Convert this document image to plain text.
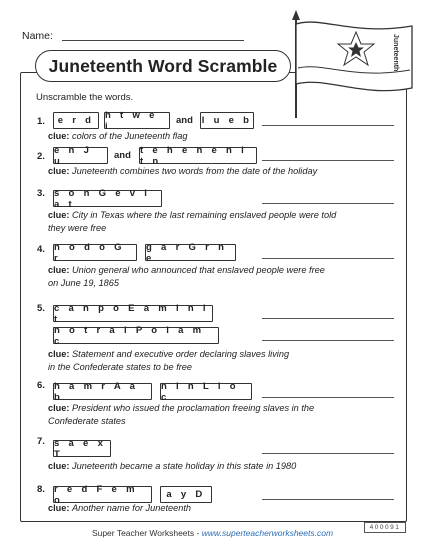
Name:	Juneteenth
Juneteenth Word Scramble
Unscramble the words.
1.	e r d	h t w e i	and l u e b
clue: colors of the Juneteenth flag
2.
e n J u	and t e h e n e n i t n
clue: Juneteenth combines two words from the date of the holiday
3. s o n G e v l a t
clue: City in Texas where the last remaining enslaved people were told
they were free
4. n o d o G r
g a r G r n e
clue: Union general who announced that enslaved people were free
on June 19, 1865
5. c a n p o E a m i n i t
n o t r a i P o l a m c
clue: Statement and executive order declaring slaves living
in the Confederate states to be free
6. h a m r A a b
n i n L l o c
clue: President who issued the proclamation freeing slaves in the
Confederate states
7. s a e x T
clue: Juneteenth became a state holiday in this state in 1980
8. r e d F e m o	a y D
clue: Another name for Juneteenth
400091
Super Teacher Worksheets - www.superteacherworksheets.com
